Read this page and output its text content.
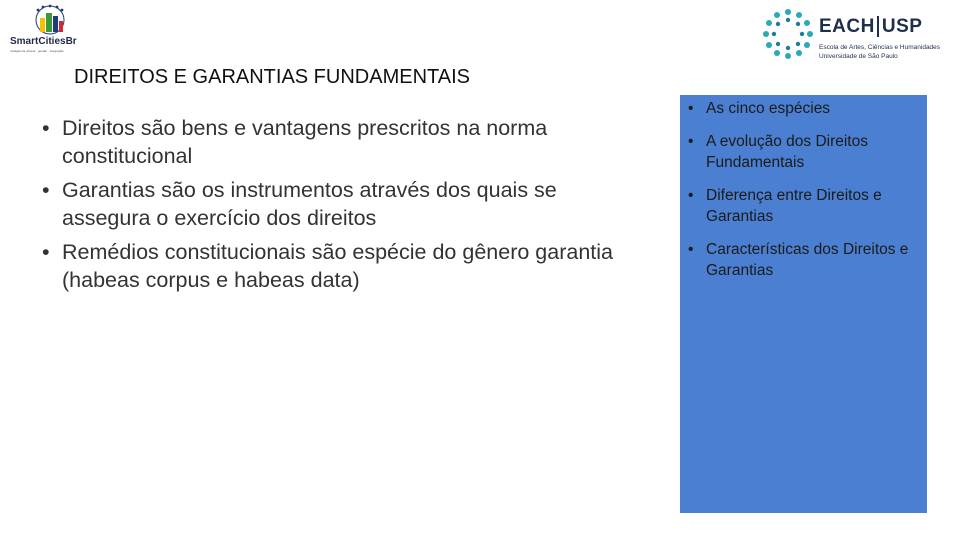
SmartCitiesBr
Inteligência urbana · gestão · integração
EACH USP
Escola de Artes, Ciências e Humanidades
Universidade de São Paulo
DIREITOS E GARANTIAS FUNDAMENTAIS
• Direitos são bens e vantagens prescritos na norma constitucional
• Garantias são os instrumentos através dos quais se assegura o exercício dos direitos
• Remédios constitucionais são espécie do gênero garantia (habeas corpus e habeas data)
• As cinco espécies
• A evolução dos Direitos Fundamentais
• Diferença entre Direitos e Garantias
• Características dos Direitos e Garantias
